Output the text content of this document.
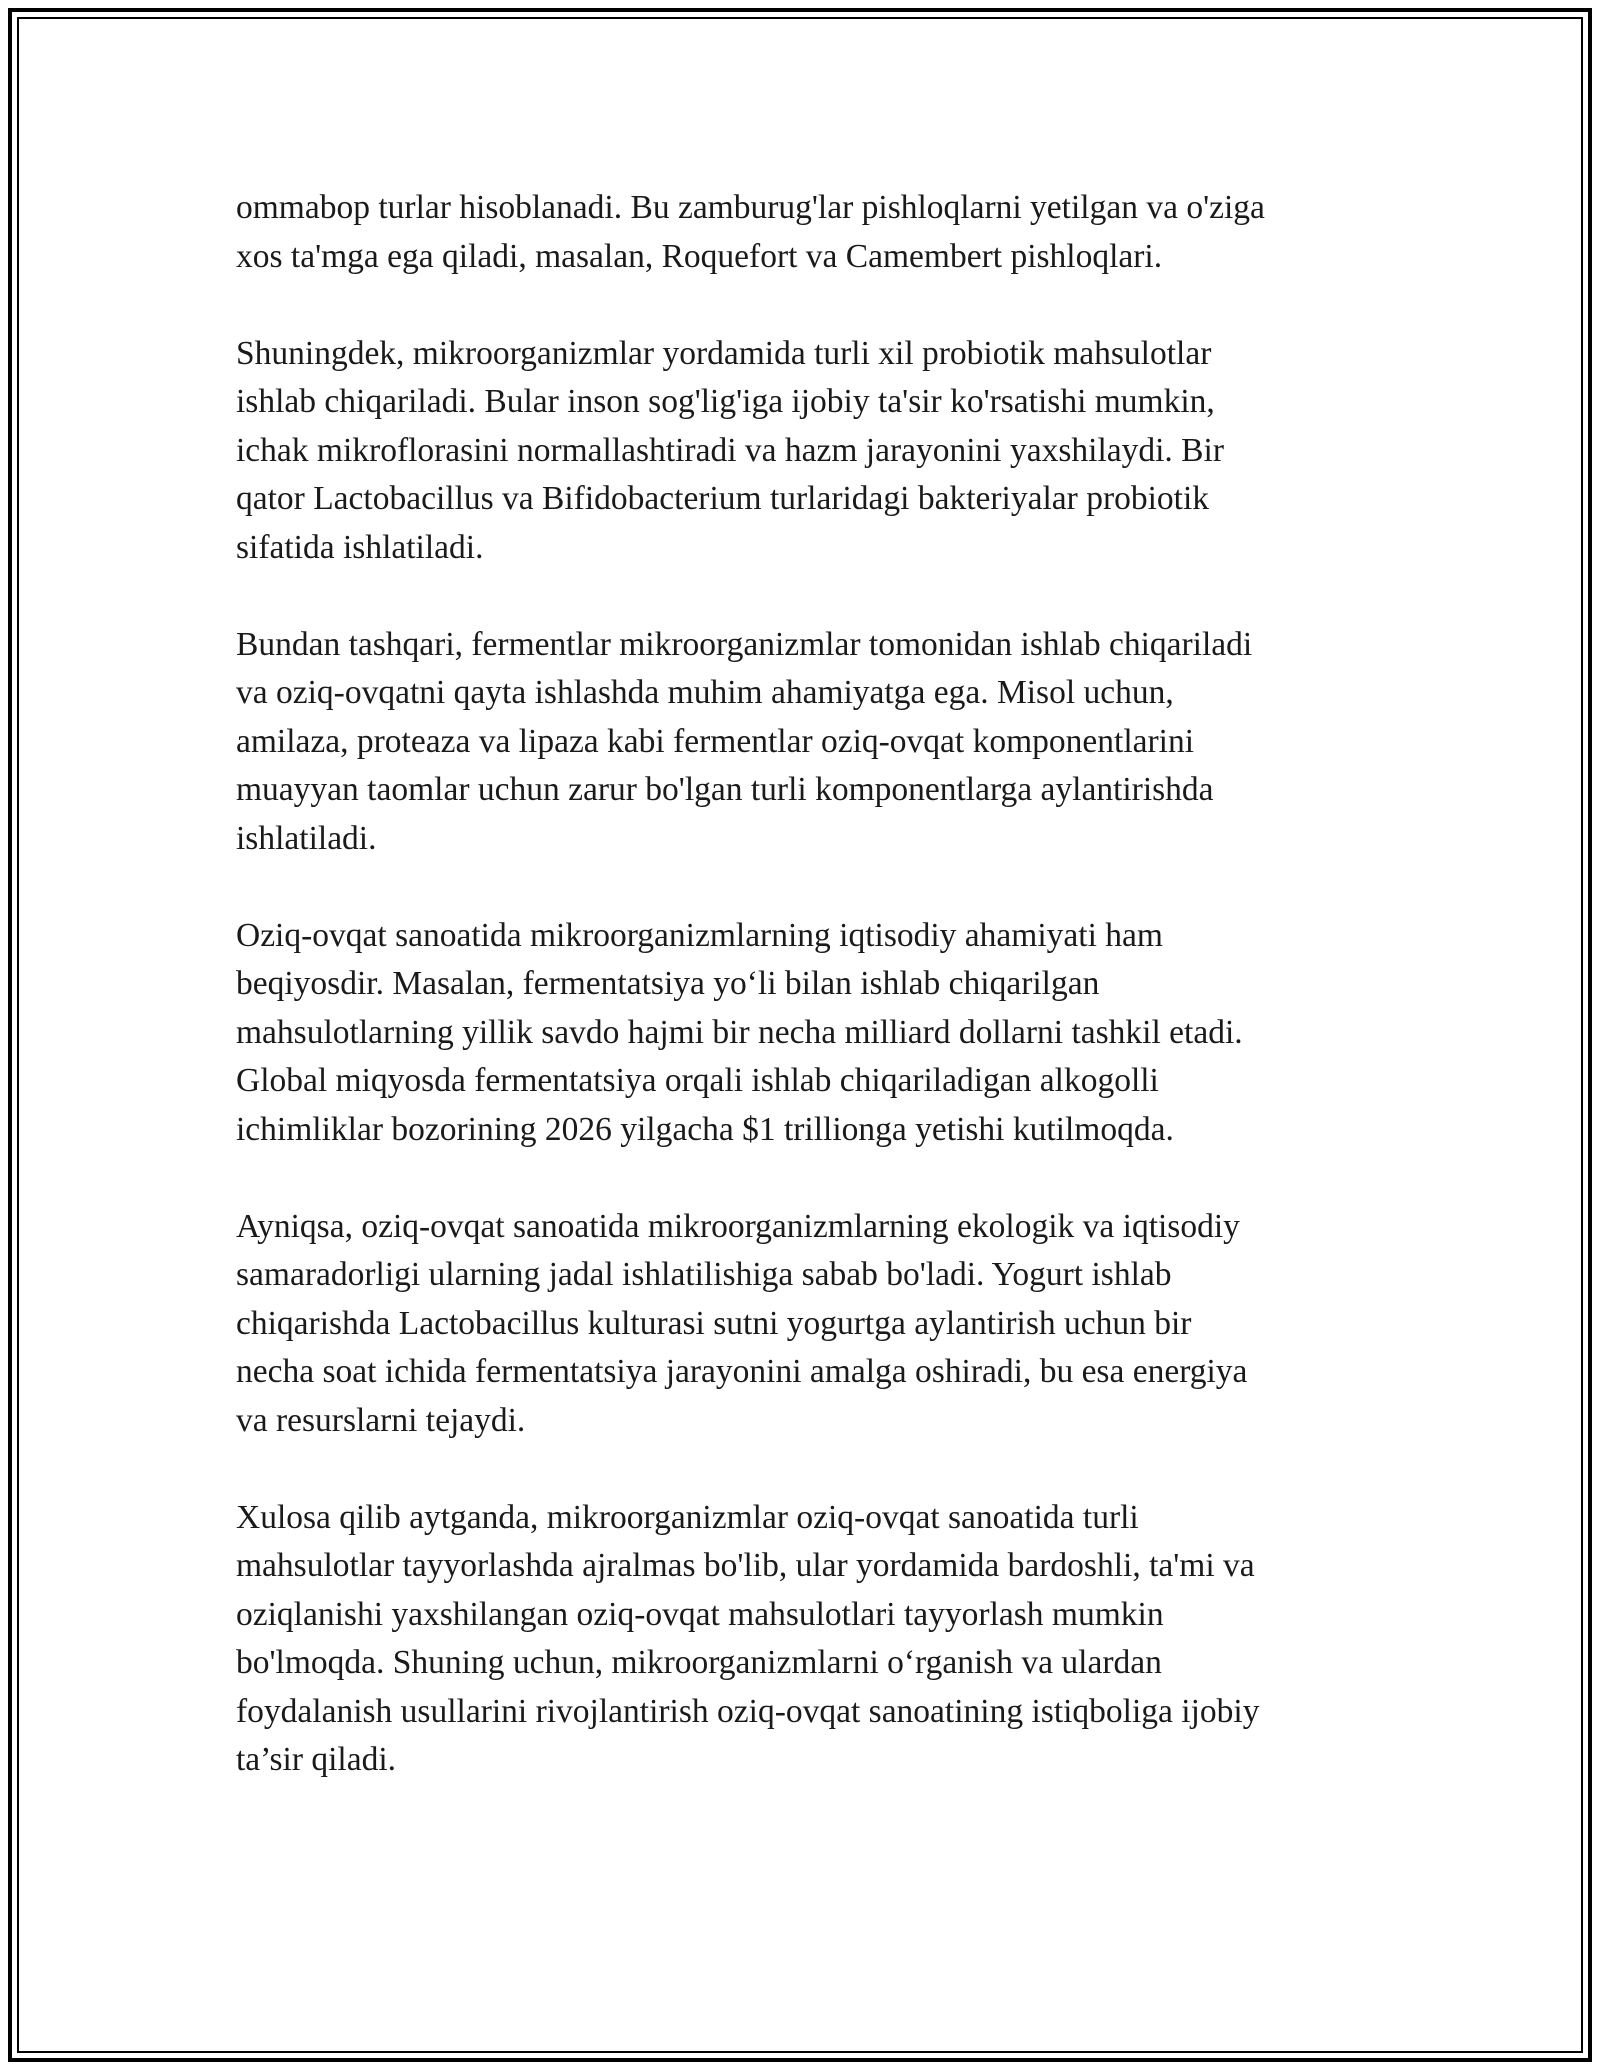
ommabop turlar hisoblanadi. Bu zamburug'lar pishloqlarni yetilgan va o'ziga
xos ta'mga ega qiladi, masalan, Roquefort va Camembert pishloqlari.

Shuningdek, mikroorganizmlar yordamida turli xil probiotik mahsulotlar
ishlab chiqariladi. Bular inson sog'lig'iga ijobiy ta'sir ko'rsatishi mumkin,
ichak mikroflorasini normallashtiradi va hazm jarayonini yaxshilaydi. Bir
qator Lactobacillus va Bifidobacterium turlaridagi bakteriyalar probiotik
sifatida ishlatiladi.

Bundan tashqari, fermentlar mikroorganizmlar tomonidan ishlab chiqariladi
va oziq-ovqatni qayta ishlashda muhim ahamiyatga ega. Misol uchun,
amilaza, proteaza va lipaza kabi fermentlar oziq-ovqat komponentlarini
muayyan taomlar uchun zarur bo'lgan turli komponentlarga aylantirishda
ishlatiladi.

Oziq-ovqat sanoatida mikroorganizmlarning iqtisodiy ahamiyati ham
beqiyosdir. Masalan, fermentatsiya yo‘li bilan ishlab chiqarilgan
mahsulotlarning yillik savdo hajmi bir necha milliard dollarni tashkil etadi.
Global miqyosda fermentatsiya orqali ishlab chiqariladigan alkogolli
ichimliklar bozorining 2026 yilgacha $1 trillionga yetishi kutilmoqda.

Ayniqsa, oziq-ovqat sanoatida mikroorganizmlarning ekologik va iqtisodiy
samaradorligi ularning jadal ishlatilishiga sabab bo'ladi. Yogurt ishlab
chiqarishda Lactobacillus kulturasi sutni yogurtga aylantirish uchun bir
necha soat ichida fermentatsiya jarayonini amalga oshiradi, bu esa energiya
va resurslarni tejaydi.

Xulosa qilib aytganda, mikroorganizmlar oziq-ovqat sanoatida turli
mahsulotlar tayyorlashda ajralmas bo'lib, ular yordamida bardoshli, ta'mi va
oziqlanishi yaxshilangan oziq-ovqat mahsulotlari tayyorlash mumkin
bo'lmoqda. Shuning uchun, mikroorganizmlarni o‘rganish va ulardan
foydalanish usullarini rivojlantirish oziq-ovqat sanoatining istiqboliga ijobiy
ta’sir qiladi.
